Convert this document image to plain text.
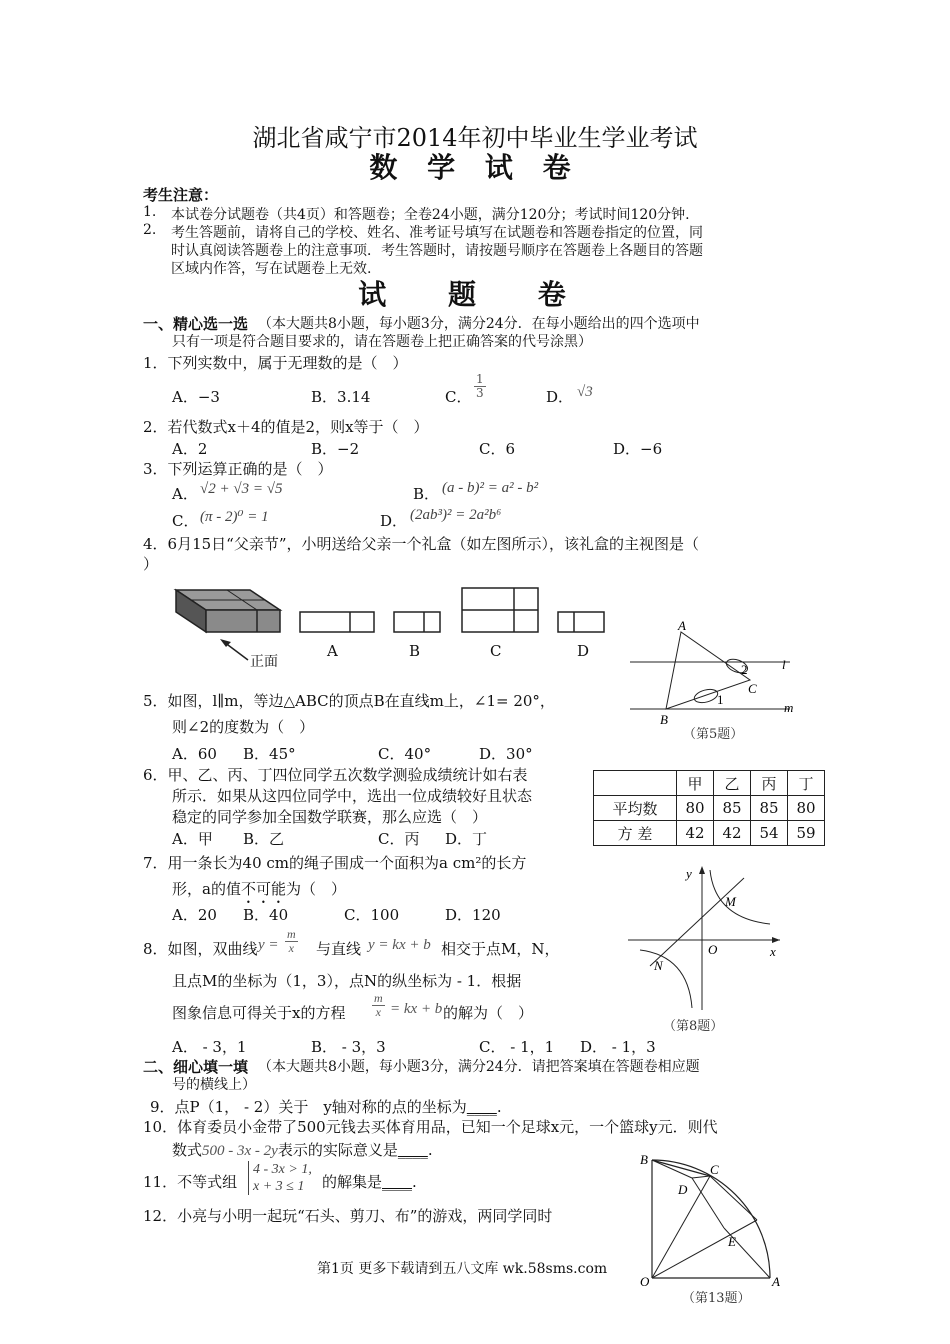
湖北省咸宁市2014年初中毕业生学业考试
数 学 试 卷
考生注意：
1. 本试卷分试题卷（共4页）和答题卷；全卷24小题，满分120分；考试时间120分钟.
2. 考生答题前，请将自己的学校、姓名、准考证号填写在试题卷和答题卷指定的位置，同
时认真阅读答题卷上的注意事项．考生答题时，请按题号顺序在答题卷上各题目的答题
区域内作答，写在试题卷上无效.
试 题 卷
一、精心选一选 （本大题共8小题，每小题3分，满分24分．在每小题给出的四个选项中
只有一项是符合题目要求的，请在答题卷上把正确答案的代号涂黑）
1．下列实数中，属于无理数的是（　）
A．−3	B．3.14	C． $\frac{1}{3}$	D． √3
2．若代数式x＋4的值是2，则x等于（　）
A．2	B．−2	C．6	D．−6
3．下列运算正确的是（　）
A． √2 + √3 = √5	B． (a - b)² = a² - b²
C． (π - 2)⁰ = 1	D． (2ab³)² = 2a²b⁶
4．6月15日“父亲节”，小明送给父亲一个礼盒（如左图所示），该礼盒的主视图是（
）
正面
A	B	C	D
A
B
C
l
m
1
2
（第5题）
5．如图，l∥m，等边△ABC的顶点B在直线m上，∠1= 20°，
则∠2的度数为（　）
A．60 B．45°	C．40°	D．30°
6．甲、乙、丙、丁四位同学五次数学测验成绩统计如右表
所示．如果从这四位同学中，选出一位成绩较好且状态
稳定的同学参加全国数学联赛，那么应选（　）
A．甲 B．乙	C．丙 D．丁
	甲	乙	丙	丁
平均数	80	85	85	80
方 差	42	42	54	59
7．用一条长为40 cm的绳子围成一个面积为a cm²的长方
形，a的值不可能为（　）
A．20 B．40	C．100	D．120
y
x
O
M
N
（第8题）
8．如图，双曲线 $y = \frac{m}{x}$ 与直线 y = kx + b 相交于点M，N，
且点M的坐标为（1，3），点N的纵坐标为 - 1．根据
图象信息可得关于x的方程 $\frac{m}{x}$ = kx + b 的解为（　）
A． - 3，1	B． - 3，3	C． - 1，1 D． - 1，3
二、细心填一填 （本大题共8小题，每小题3分，满分24分．请把答案填在答题卷相应题
号的横线上）
9．点P（1， - 2）关于　y轴对称的点的坐标为____.
10．体育委员小金带了500元钱去买体育用品，已知一个足球x元，一个篮球y元．则代
数式500 - 3x - 2y表示的实际意义是____.
11．不等式组
4 - 3x > 1,
x + 3 ≤ 1	的解集是____.
12．小亮与小明一起玩“石头、剪刀、布”的游戏，两同学同时
B
C
D
E
O	A
（第13题）
第1页 更多下载请到五八文库 wk.58sms.com
